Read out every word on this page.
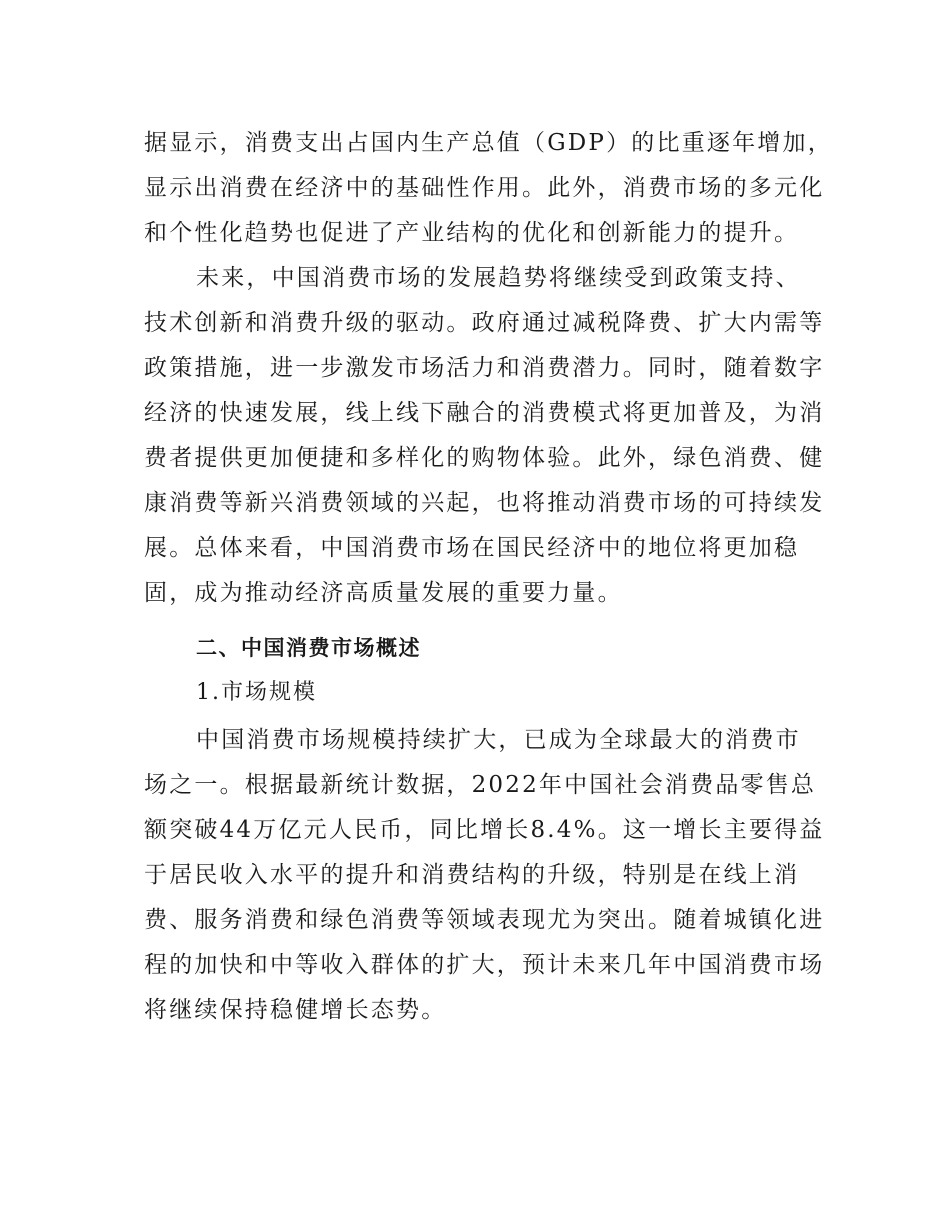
据显示，消费支出占国内生产总值（GDP）的比重逐年增加，
显示出消费在经济中的基础性作用。此外，消费市场的多元化
和个性化趋势也促进了产业结构的优化和创新能力的提升。
未来，中国消费市场的发展趋势将继续受到政策支持、
技术创新和消费升级的驱动。政府通过减税降费、扩大内需等
政策措施，进一步激发市场活力和消费潜力。同时，随着数字
经济的快速发展，线上线下融合的消费模式将更加普及，为消
费者提供更加便捷和多样化的购物体验。此外，绿色消费、健
康消费等新兴消费领域的兴起，也将推动消费市场的可持续发
展。总体来看，中国消费市场在国民经济中的地位将更加稳
固，成为推动经济高质量发展的重要力量。
二、中国消费市场概述
1.市场规模
中国消费市场规模持续扩大，已成为全球最大的消费市
场之一。根据最新统计数据，2022年中国社会消费品零售总
额突破44万亿元人民币，同比增长8.4%。这一增长主要得益
于居民收入水平的提升和消费结构的升级，特别是在线上消
费、服务消费和绿色消费等领域表现尤为突出。随着城镇化进
程的加快和中等收入群体的扩大，预计未来几年中国消费市场
将继续保持稳健增长态势。
